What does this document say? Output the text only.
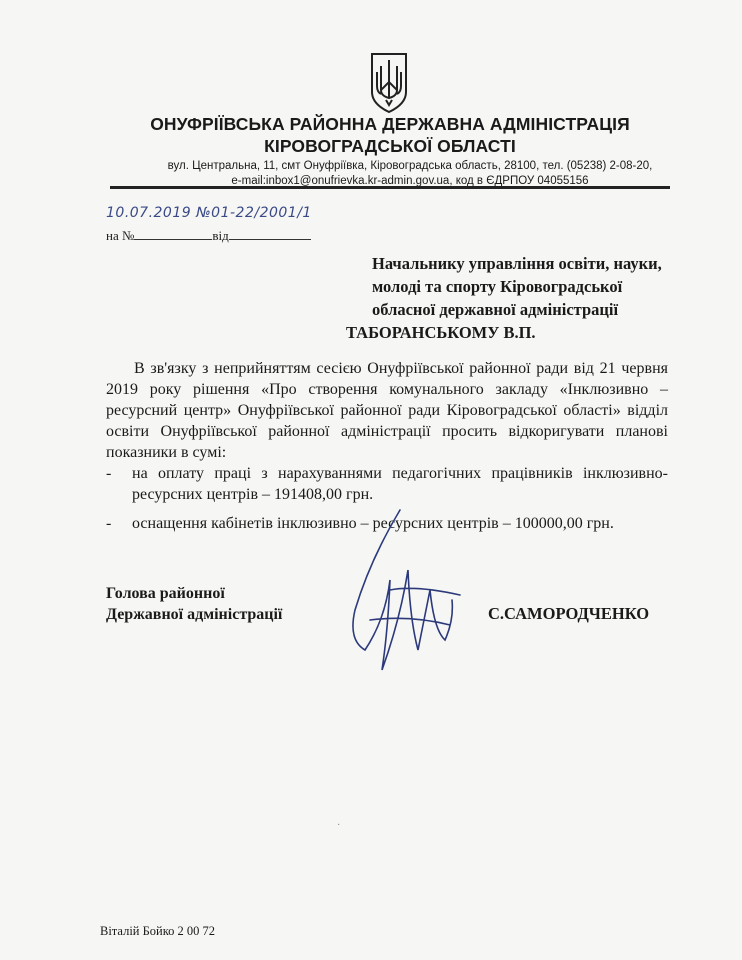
ОНУФРІЇВСЬКА РАЙОННА ДЕРЖАВНА АДМІНІСТРАЦІЯ
КІРОВОГРАДСЬКОЇ ОБЛАСТІ
вул. Центральна, 11, смт Онуфріївка, Кіровоградська область, 28100, тел. (05238) 2-08-20,
e-mail:inbox1@onufrievka.kr-admin.gov.ua, код в ЄДРПОУ 04055156
10.07.2019 №01-22/2001/1
на №	від
Начальнику управління освіти, науки,
молоді та спорту Кіровоградської
обласної державної адміністрації
ТАБОРАНСЬКОМУ В.П.

В зв'язку з неприйняттям сесією Онуфріївської районної ради від 21 червня 2019 року рішення «Про створення комунального закладу «Інклюзивно – ресурсний центр» Онуфріївської районної ради Кіровоградської області» відділ освіти Онуфріївської районної адміністрації просить відкоригувати планові показники в сумі:

- на оплату праці з нарахуваннями педагогічних працівників інклюзивно-ресурсних центрів – 191408,00 грн.
- оснащення кабінетів інклюзивно – ресурсних центрів – 100000,00 грн.
Голова районної
Державної адміністрації	С.САМОРОДЧЕНКО
·
Віталій Бойко 2 00 72
